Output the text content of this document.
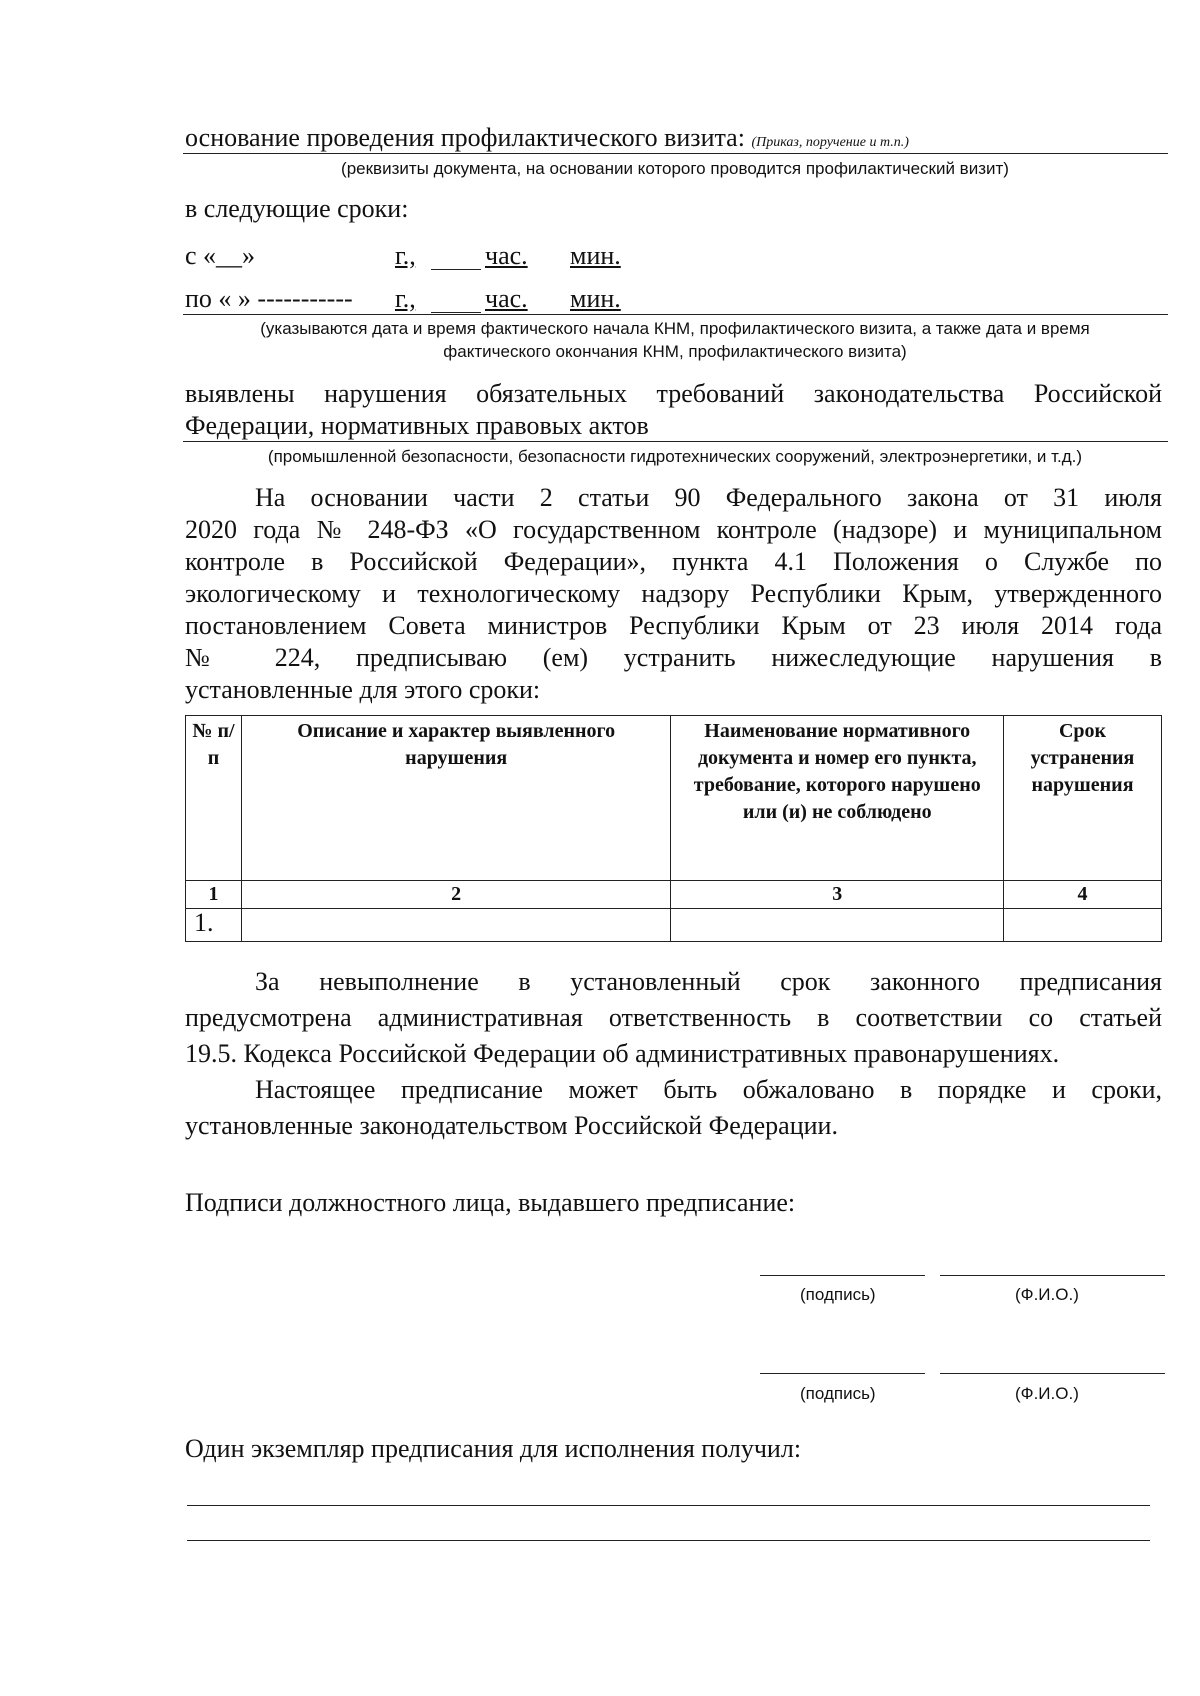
основание проведения профилактического визита: (Приказ, поручение и т.п.)
(реквизиты документа, на основании которого проводится профилактический визит)
в следующие сроки:
с «__»	г.,	час. мин.
по « » ----------- г.,	час. мин.
(указываются дата и время фактического начала КНМ, профилактического визита, а также дата и время
фактического окончания КНМ, профилактического визита)
выявлены нарушения обязательных требований законодательства Российской
Федерации, нормативных правовых актов
(промышленной безопасности, безопасности гидротехнических сооружений, электроэнергетики, и т.д.)
На основании части 2 статьи 90 Федерального закона от 31 июля
2020 года № 248-ФЗ «О государственном контроле (надзоре) и муниципальном
контроле в Российской Федерации», пункта 4.1 Положения о Службе по
экологическому и технологическому надзору Республики Крым, утвержденного
постановлением Совета министров Республики Крым от 23 июля 2014 года
№ 224, предписываю (ем) устранить нижеследующие нарушения в
установленные для этого сроки:
№ п/п	Описание и характер выявленного нарушения	Наименование нормативного документа и номер его пункта, требование, которого нарушено или (и) не соблюдено	Срок устранения нарушения
1	2	3	4
1.			
За невыполнение в установленный срок законного предписания
предусмотрена административная ответственность в соответствии со статьей
19.5. Кодекса Российской Федерации об административных правонарушениях.
Настоящее предписание может быть обжаловано в порядке и сроки,
установленные законодательством Российской Федерации.
Подписи должностного лица, выдавшего предписание:
(подпись)	(Ф.И.О.)
(подпись)	(Ф.И.О.)
Один экземпляр предписания для исполнения получил:
